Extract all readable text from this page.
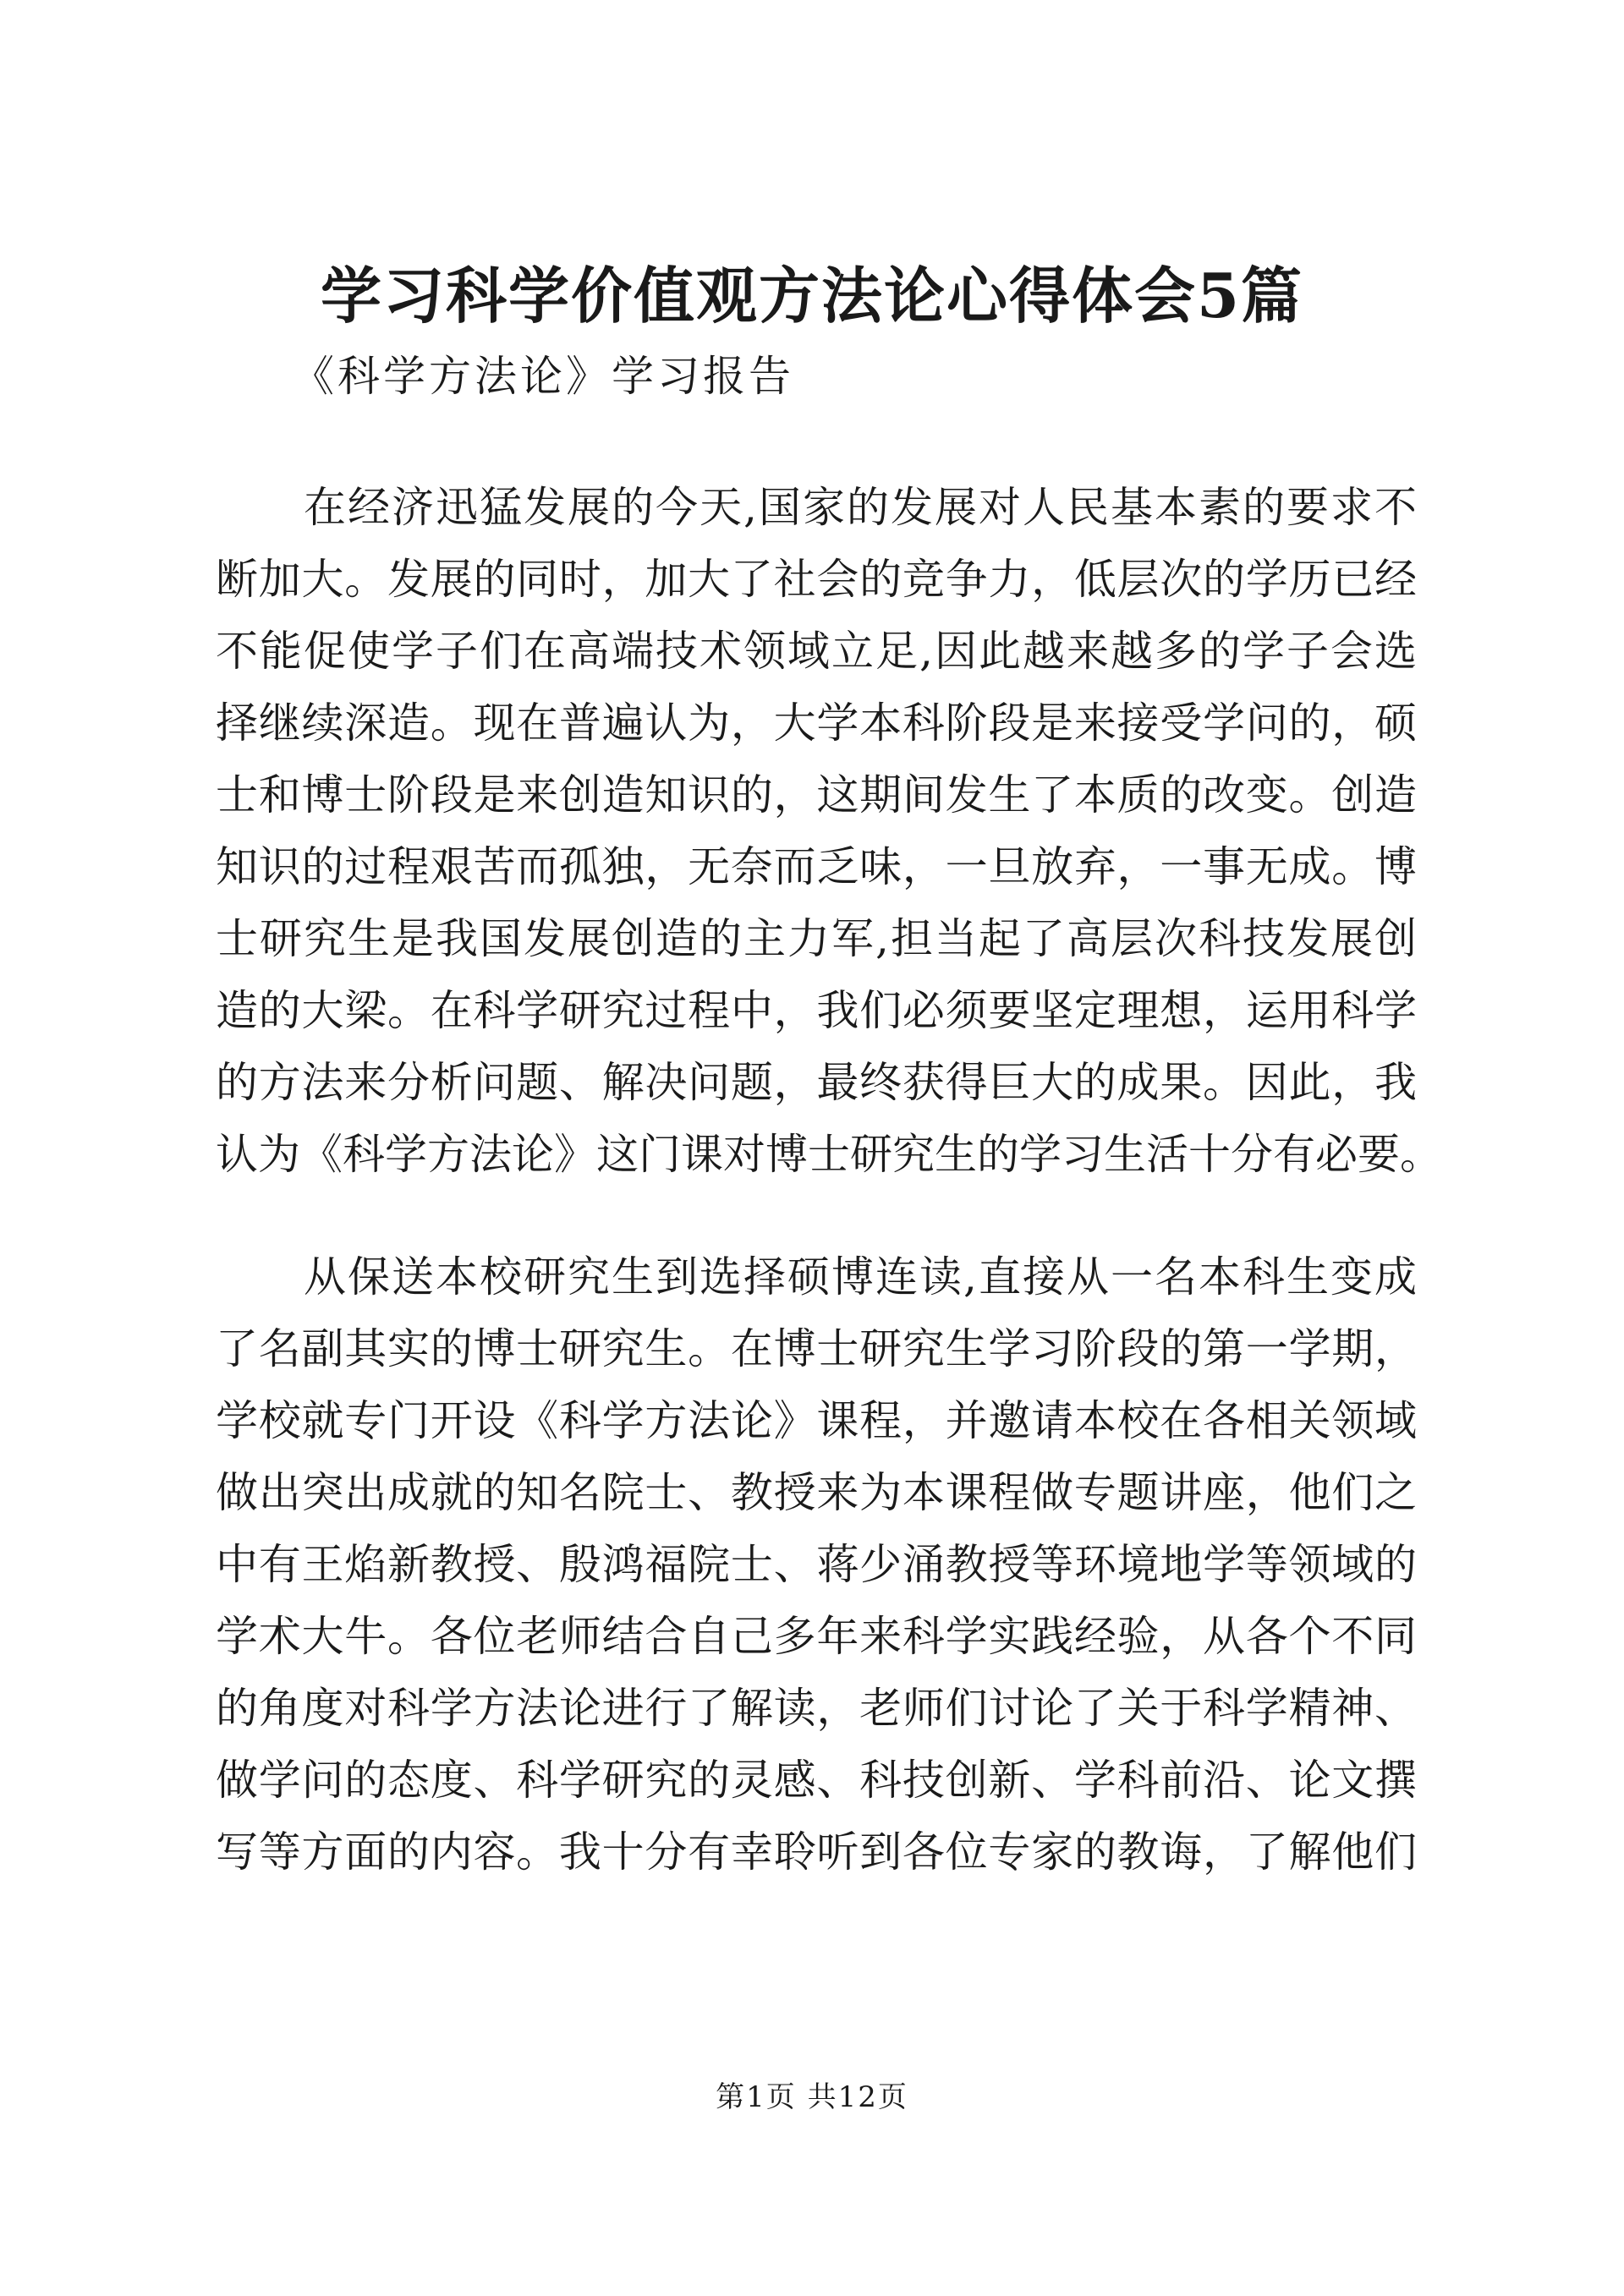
学习科学价值观方法论心得体会5篇
《科学方法论》学习报告
　　在经济迅猛发展的今天,国家的发展对人民基本素的要求不
断加大。发展的同时，加大了社会的竞争力，低层次的学历已经
不能促使学子们在高端技术领域立足,因此越来越多的学子会选
择继续深造。现在普遍认为，大学本科阶段是来接受学问的，硕
士和博士阶段是来创造知识的，这期间发生了本质的改变。创造
知识的过程艰苦而孤独，无奈而乏味，一旦放弃，一事无成。博
士研究生是我国发展创造的主力军,担当起了高层次科技发展创
造的大梁。在科学研究过程中，我们必须要坚定理想，运用科学
的方法来分析问题、解决问题，最终获得巨大的成果。因此，我
认为《科学方法论》这门课对博士研究生的学习生活十分有必要。
　　从保送本校研究生到选择硕博连读,直接从一名本科生变成
了名副其实的博士研究生。在博士研究生学习阶段的第一学期，
学校就专门开设《科学方法论》课程，并邀请本校在各相关领域
做出突出成就的知名院士、教授来为本课程做专题讲座，他们之
中有王焰新教授、殷鸿福院士、蒋少涌教授等环境地学等领域的
学术大牛。各位老师结合自己多年来科学实践经验，从各个不同
的角度对科学方法论进行了解读，老师们讨论了关于科学精神、
做学问的态度、科学研究的灵感、科技创新、学科前沿、论文撰
写等方面的内容。我十分有幸聆听到各位专家的教诲，了解他们
第1页 共12页
